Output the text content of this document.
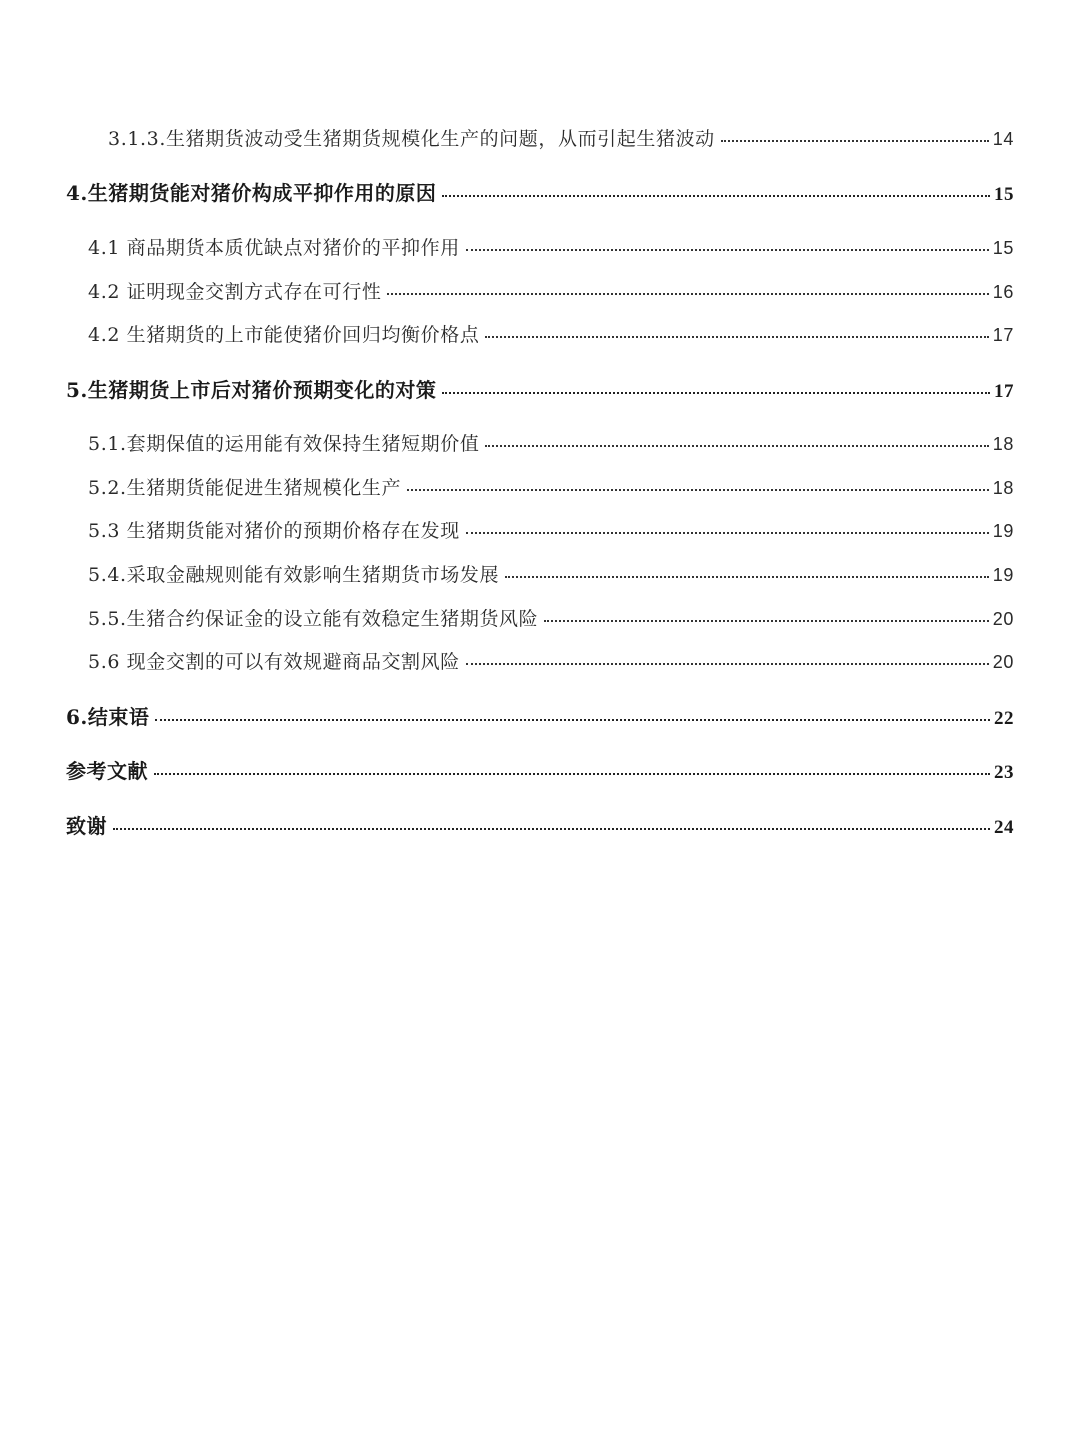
3.1.3.生猪期货波动受生猪期货规模化生产的问题，从而引起生猪波动	14
4.生猪期货能对猪价构成平抑作用的原因	15
4.1 商品期货本质优缺点对猪价的平抑作用	15
4.2 证明现金交割方式存在可行性	16
4.2 生猪期货的上市能使猪价回归均衡价格点	17
5.生猪期货上市后对猪价预期变化的对策	17
5.1.套期保值的运用能有效保持生猪短期价值	18
5.2.生猪期货能促进生猪规模化生产	18
5.3 生猪期货能对猪价的预期价格存在发现	19
5.4.采取金融规则能有效影响生猪期货市场发展	19
5.5.生猪合约保证金的设立能有效稳定生猪期货风险	20
5.6 现金交割的可以有效规避商品交割风险	20
6.结束语	22
参考文献	23
致谢	24
